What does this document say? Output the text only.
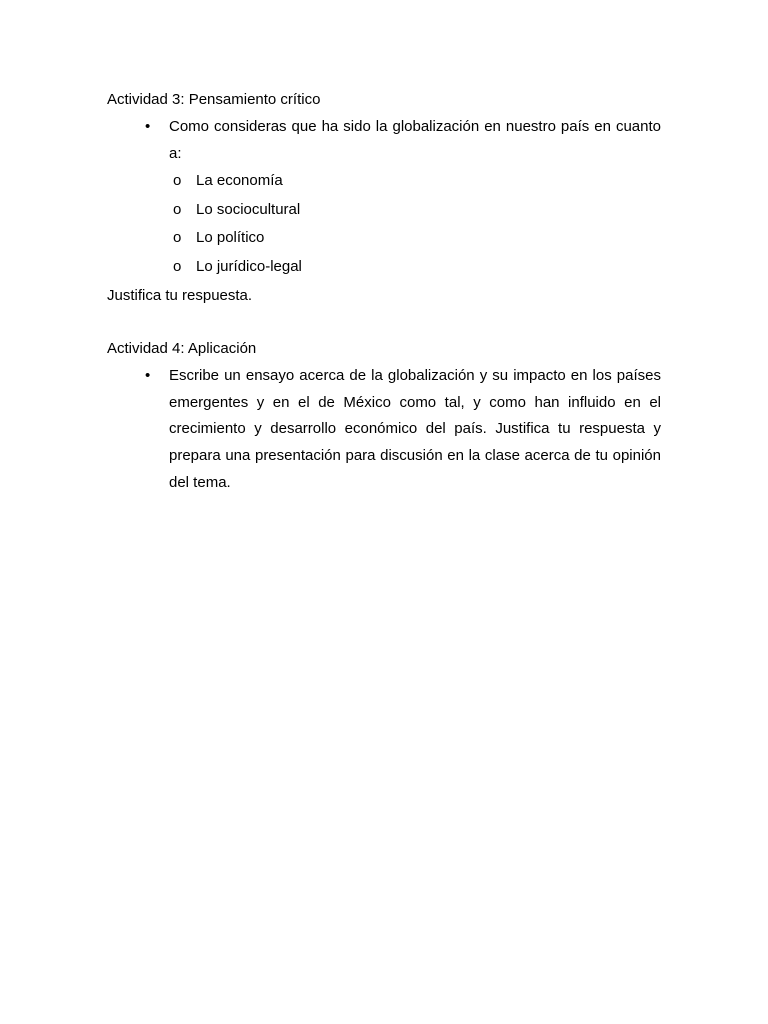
Actividad 3: Pensamiento crítico
• Como consideras que ha sido la globalización en nuestro país en cuanto a:
o La economía
o Lo sociocultural
o Lo político
o Lo jurídico-legal
Justifica tu respuesta.
Actividad 4: Aplicación
• Escribe un ensayo acerca de la globalización y su impacto en los países emergentes y en el de México como tal, y como han influido en el crecimiento y desarrollo económico del país. Justifica tu respuesta y prepara una presentación para discusión en la clase acerca de tu opinión del tema.
